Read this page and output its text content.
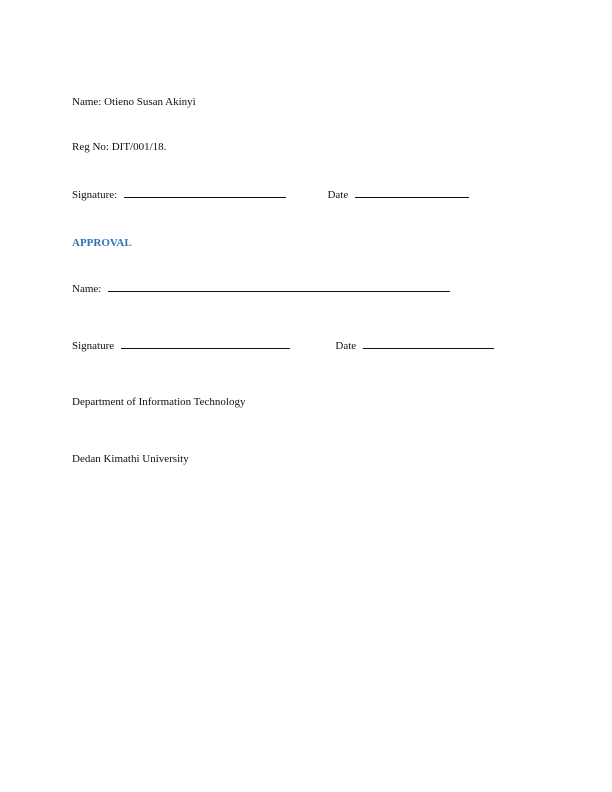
Name: Otieno Susan Akinyi
Reg No: DIT/001/18.
Signature:	Date
APPROVAL
Name:
Signature	Date
Department of Information Technology
Dedan Kimathi University
